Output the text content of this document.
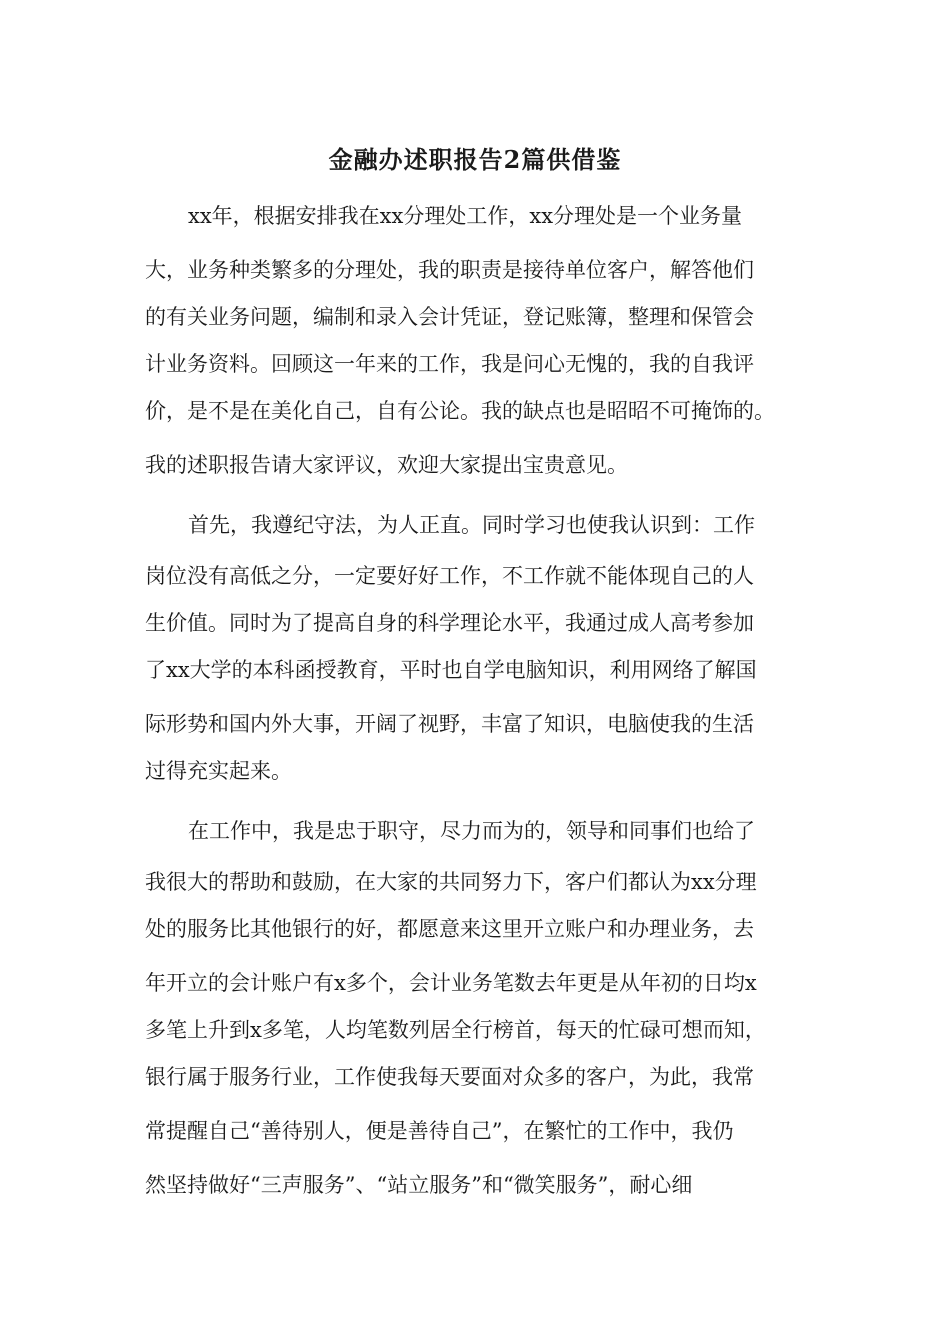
金融办述职报告2篇供借鉴
xx年，根据安排我在xx分理处工作，xx分理处是一个业务量
大，业务种类繁多的分理处，我的职责是接待单位客户，解答他们
的有关业务问题，编制和录入会计凭证，登记账簿，整理和保管会
计业务资料。回顾这一年来的工作，我是问心无愧的，我的自我评
价，是不是在美化自己，自有公论。我的缺点也是昭昭不可掩饰的。
我的述职报告请大家评议，欢迎大家提出宝贵意见。
首先，我遵纪守法，为人正直。同时学习也使我认识到：工作
岗位没有高低之分，一定要好好工作，不工作就不能体现自己的人
生价值。同时为了提高自身的科学理论水平，我通过成人高考参加
了xx大学的本科函授教育，平时也自学电脑知识，利用网络了解国
际形势和国内外大事，开阔了视野，丰富了知识，电脑使我的生活
过得充实起来。
在工作中，我是忠于职守，尽力而为的，领导和同事们也给了
我很大的帮助和鼓励，在大家的共同努力下，客户们都认为xx分理
处的服务比其他银行的好，都愿意来这里开立账户和办理业务，去
年开立的会计账户有x多个，会计业务笔数去年更是从年初的日均x
多笔上升到x多笔，人均笔数列居全行榜首，每天的忙碌可想而知，
银行属于服务行业，工作使我每天要面对众多的客户，为此，我常
常提醒自己“善待别人，便是善待自己”，在繁忙的工作中，我仍
然坚持做好“三声服务”、“站立服务”和“微笑服务”，耐心细
